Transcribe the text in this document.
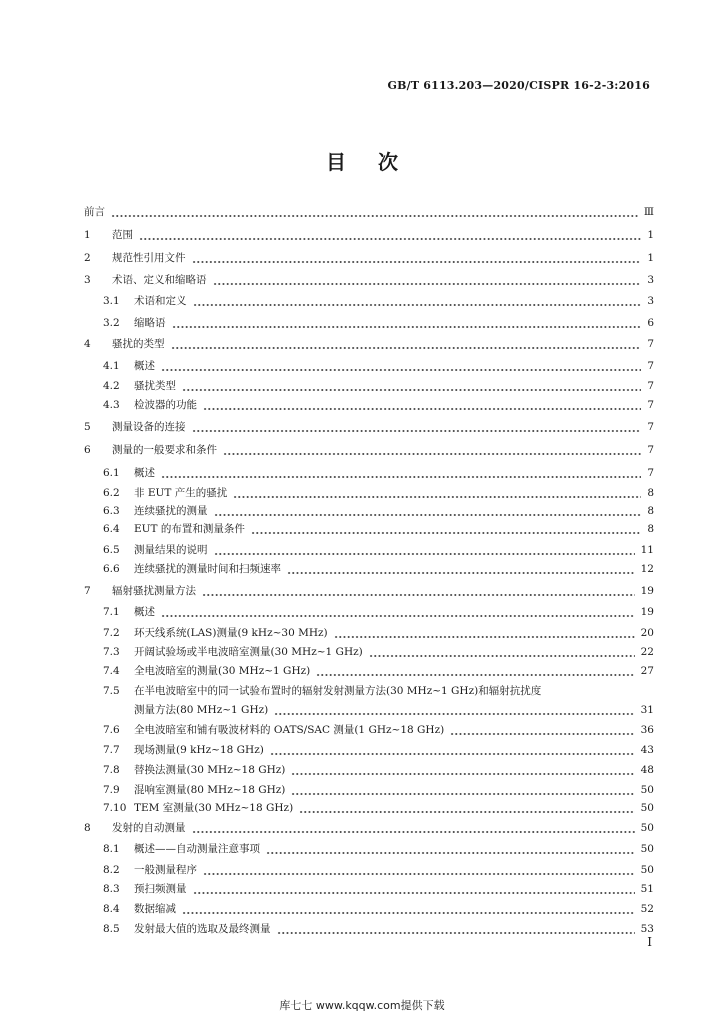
GB/T 6113.203—2020/CISPR 16-2-3:2016
目 次
前言	Ⅲ
1 范围	1
2 规范性引用文件	1
3 术语、定义和缩略语	3
3.1 术语和定义	3
3.2 缩略语	6
4 骚扰的类型	7
4.1 概述	7
4.2 骚扰类型	7
4.3 检波器的功能	7
5 测量设备的连接	7
6 测量的一般要求和条件	7
6.1 概述	7
6.2 非 EUT 产生的骚扰	8
6.3 连续骚扰的测量	8
6.4 EUT 的布置和测量条件	8
6.5 测量结果的说明	11
6.6 连续骚扰的测量时间和扫频速率	12
7 辐射骚扰测量方法	19
7.1 概述	19
7.2 环天线系统(LAS)测量(9 kHz~30 MHz)	20
7.3 开阔试验场或半电波暗室测量(30 MHz~1 GHz)	22
7.4 全电波暗室的测量(30 MHz~1 GHz)	27
7.5 在半电波暗室中的同一试验布置时的辐射发射测量方法(30 MHz~1 GHz)和辐射抗扰度
测量方法(80 MHz~1 GHz)	31
7.6 全电波暗室和铺有吸波材料的 OATS/SAC 测量(1 GHz~18 GHz)	36
7.7 现场测量(9 kHz~18 GHz)	43
7.8 替换法测量(30 MHz~18 GHz)	48
7.9 混响室测量(80 MHz~18 GHz)	50
7.10 TEM 室测量(30 MHz~18 GHz)	50
8 发射的自动测量	50
8.1 概述——自动测量注意事项	50
8.2 一般测量程序	50
8.3 预扫频测量	51
8.4 数据缩减	52
8.5 发射最大值的选取及最终测量	53
I
库七七 www.kqqw.com提供下载
